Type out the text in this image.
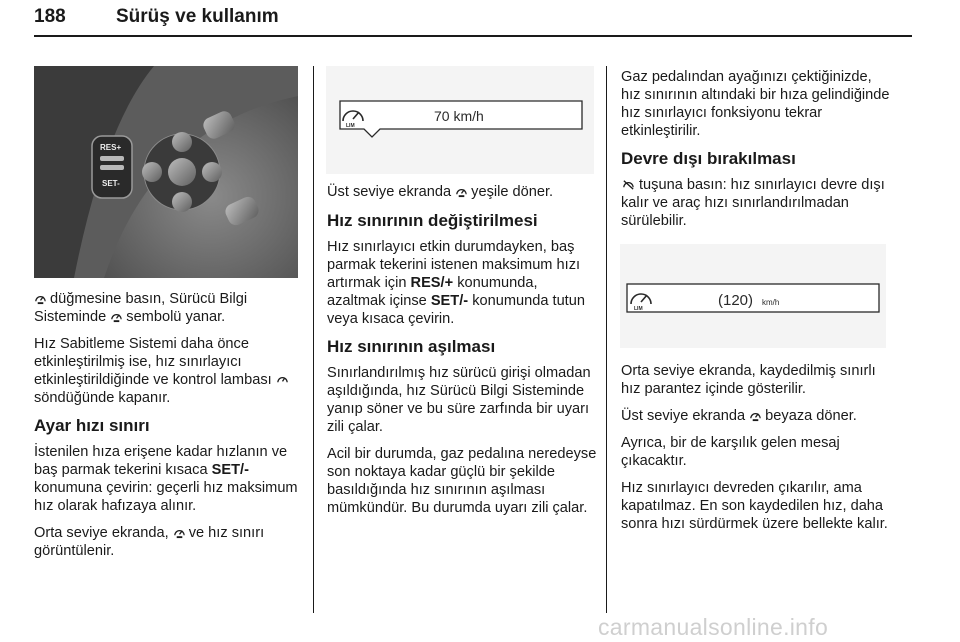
188	Sürüş ve kullanım
RES+
SET-

düğmesine basın, Sürücü Bilgi Sisteminde sembolü yanar.

Hız Sabitleme Sistemi daha önce etkinleştirilmiş ise, hız sınırlayıcı etkinleştirildiğinde ve kontrol lambası söndüğünde kapanır.

Ayar hızı sınırı

İstenilen hıza erişene kadar hızlanın ve baş parmak tekerini kısaca SET/- konumuna çevirin: geçerli hız maksimum hız olarak hafızaya alınır.

Orta seviye ekranda, ve hız sınırı görüntülenir.

LIM
70 km/h

Üst seviye ekranda yeşile döner.

Hız sınırının değiştirilmesi

Hız sınırlayıcı etkin durumdayken, baş parmak tekerini istenen maksimum hızı artırmak için RES/+ konumunda, azaltmak içinse SET/- konumunda tutun veya kısaca çevirin.

Hız sınırının aşılması

Sınırlandırılmış hız sürücü girişi olmadan aşıldığında, hız Sürücü Bilgi Sisteminde yanıp söner ve bu süre zarfında bir uyarı zili çalar.

Acil bir durumda, gaz pedalına neredeyse son noktaya kadar güçlü bir şekilde basıldığında hız sınırının aşılması mümkündür. Bu durumda uyarı zili çalar.

Gaz pedalından ayağınızı çektiğinizde, hız sınırının altındaki bir hıza gelindiğinde hız sınırlayıcı fonksiyonu tekrar etkinleştirilir.

Devre dışı bırakılması

tuşuna basın: hız sınırlayıcı devre dışı kalır ve araç hızı sınırlandırılmadan sürülebilir.

LIM	(120) km/h

Orta seviye ekranda, kaydedilmiş sınırlı hız parantez içinde gösterilir.

Üst seviye ekranda beyaza döner.

Ayrıca, bir de karşılık gelen mesaj çıkacaktır.

Hız sınırlayıcı devreden çıkarılır, ama kapatılmaz. En son kaydedilen hız, daha sonra hızı sürdürmek üzere bellekte kalır.

carmanualsonline.info
